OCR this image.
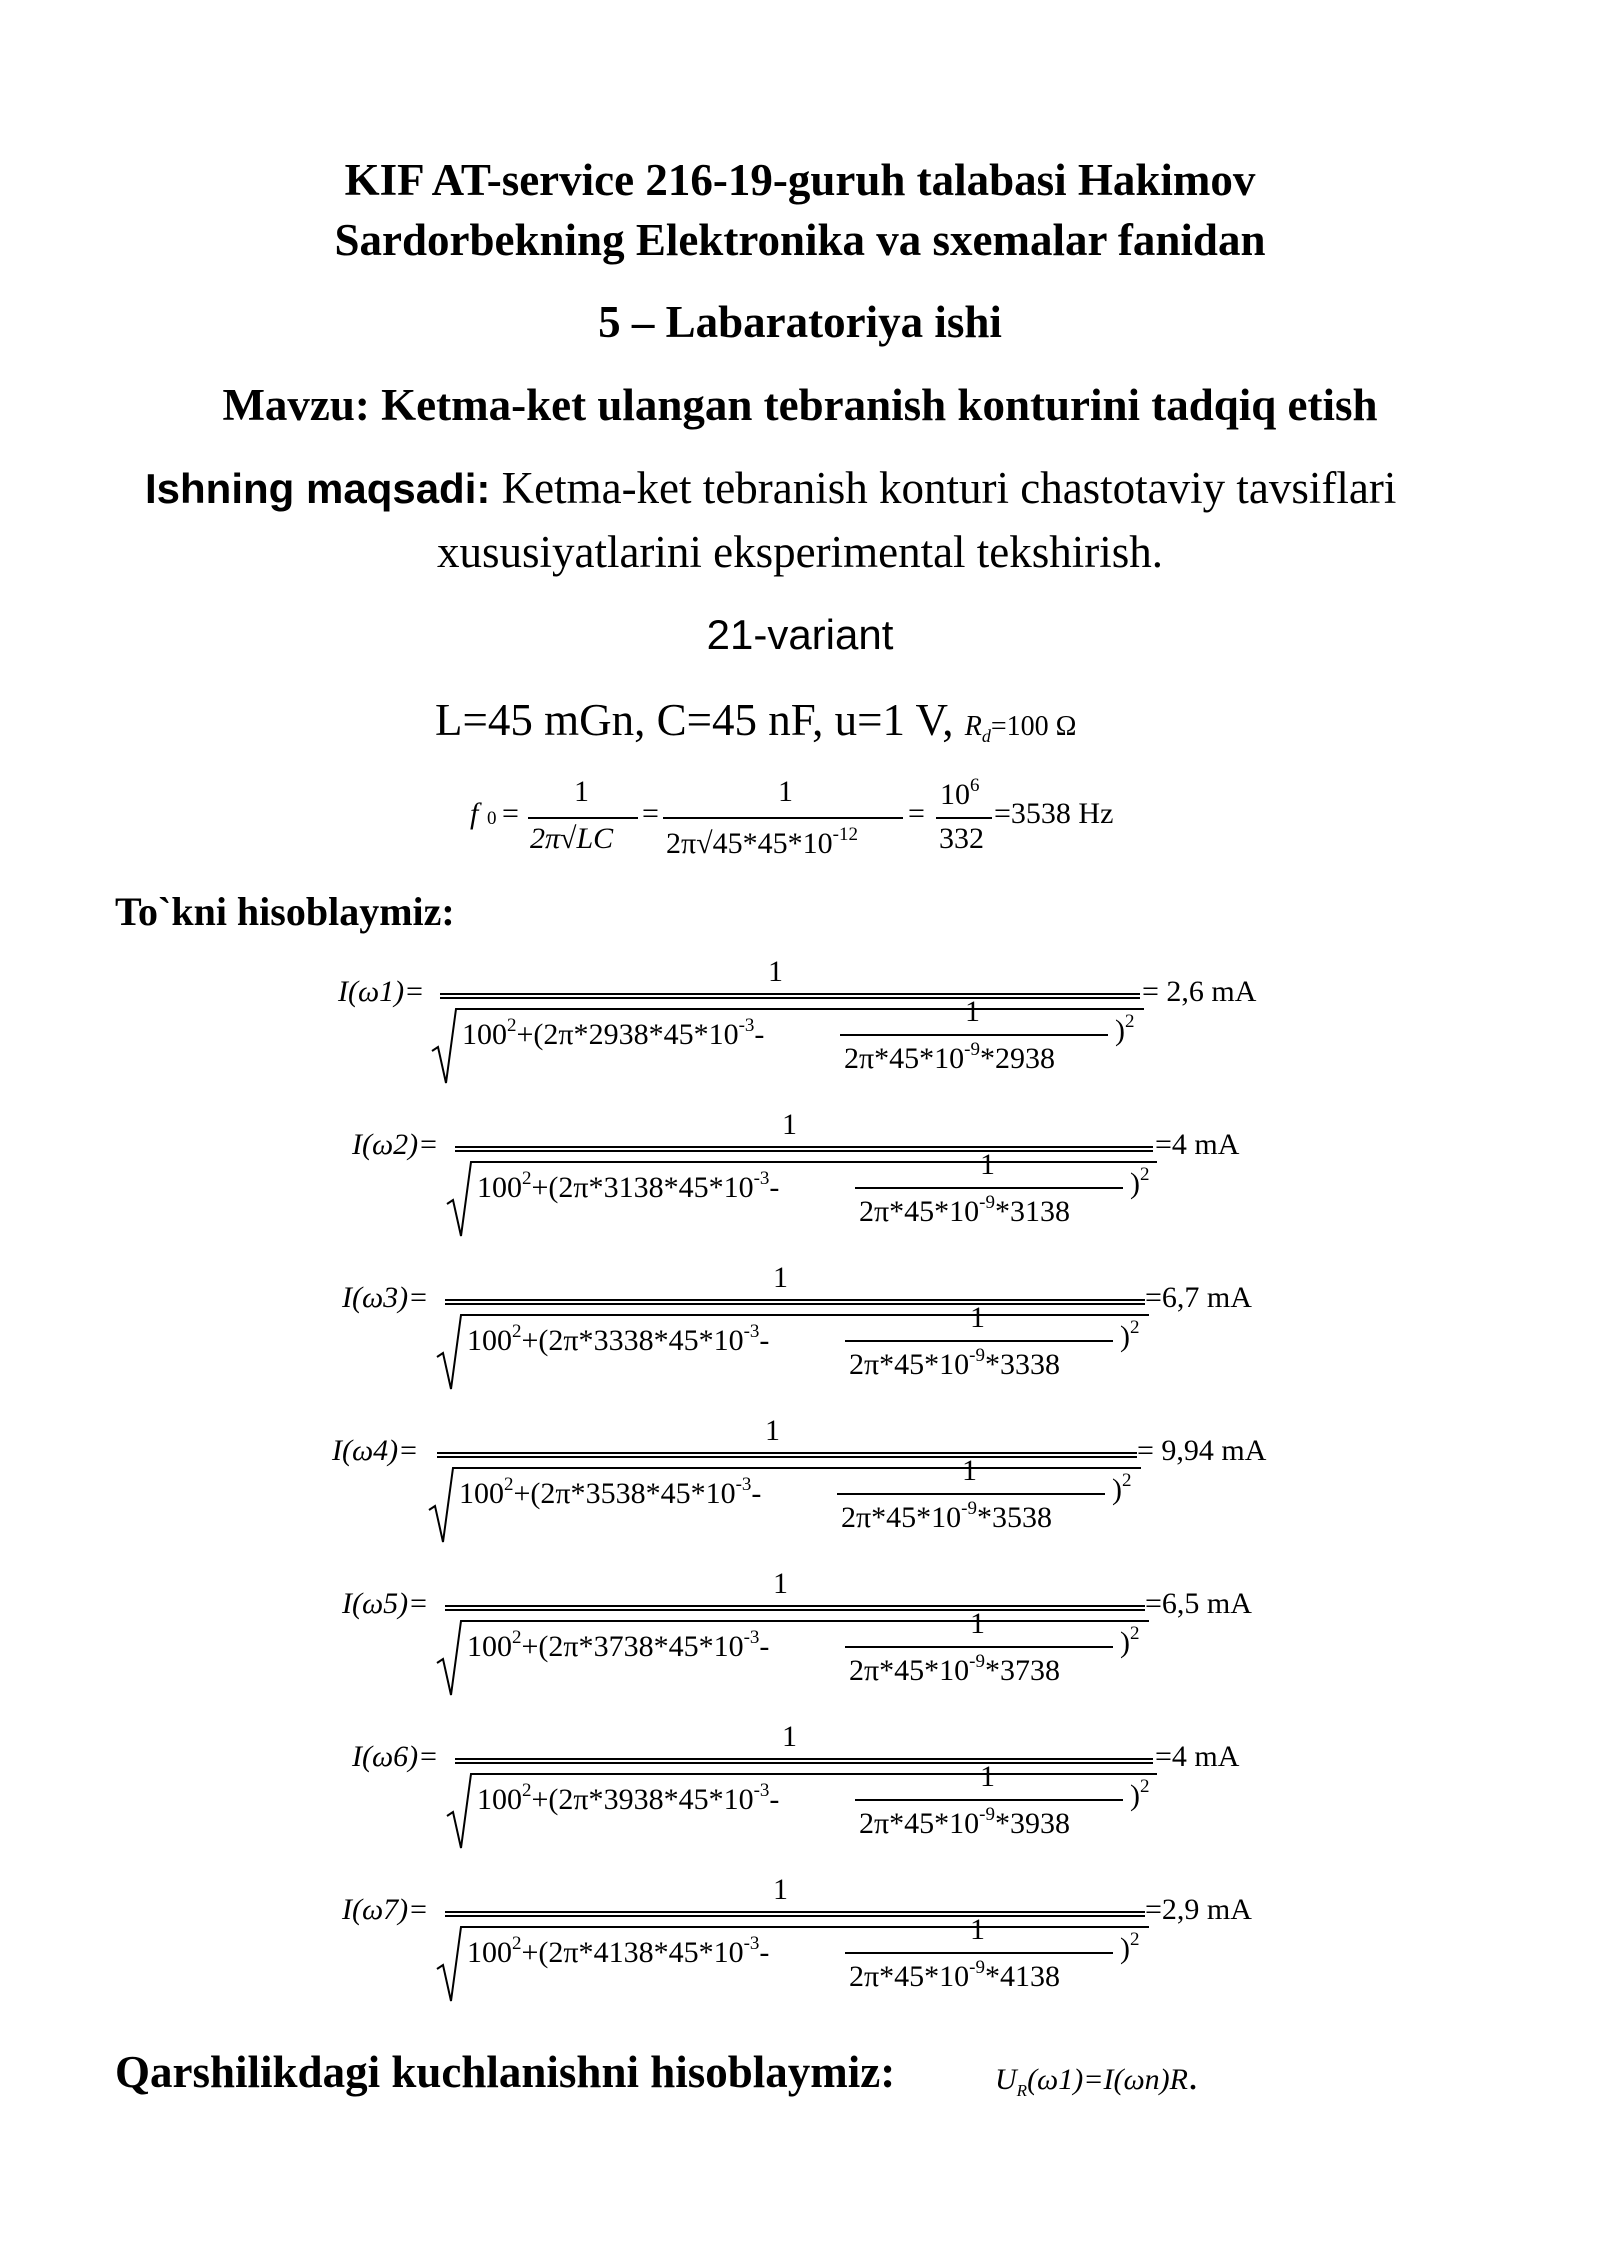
KIF AT-service 216-19-guruh talabasi Hakimov
Sardorbekning Elektronika va sxemalar fanidan
5 – Labaratoriya ishi
Mavzu: Ketma-ket ulangan tebranish konturini tadqiq etish
Ishning maqsadi: Ketma-ket tebranish konturi chastotaviy tavsiflari
xususiyatlarini eksperimental tekshirish.
21-variant
L=45 mGn, C=45 nF, u=1 V, $R_d=100$ Ω
f 0 =
1
2π√LC
=
1
$2\pi√45*45*10^{-12}$
=
$10^6$
332
=3538 Hz
To`kni hisoblaymiz:
I(ω1)=
1
$100^2+(2\pi*2938*45*10^{-3}-$
1
$2\pi*45*10^{-9}*2938$
)$^2$
= 2,6 mA
I(ω2)=
1
$100^2+(2\pi*3138*45*10^{-3}-$
1
$2\pi*45*10^{-9}*3138$
)$^2$
=4 mA
I(ω3)=
1
$100^2+(2\pi*3338*45*10^{-3}-$
1
$2\pi*45*10^{-9}*3338$
)$^2$
=6,7 mA
I(ω4)=
1
$100^2+(2\pi*3538*45*10^{-3}-$
1
$2\pi*45*10^{-9}*3538$
)$^2$
= 9,94 mA
I(ω5)=
1
$100^2+(2\pi*3738*45*10^{-3}-$
1
$2\pi*45*10^{-9}*3738$
)$^2$
=6,5 mA
I(ω6)=
1
$100^2+(2\pi*3938*45*10^{-3}-$
1
$2\pi*45*10^{-9}*3938$
)$^2$
=4 mA
I(ω7)=
1
$100^2+(2\pi*4138*45*10^{-3}-$
1
$2\pi*45*10^{-9}*4138$
)$^2$
=2,9 mA
Qarshilikdagi kuchlanishni hisoblaymiz:	$U_R(\omega 1)=I(\omega n)R$.
